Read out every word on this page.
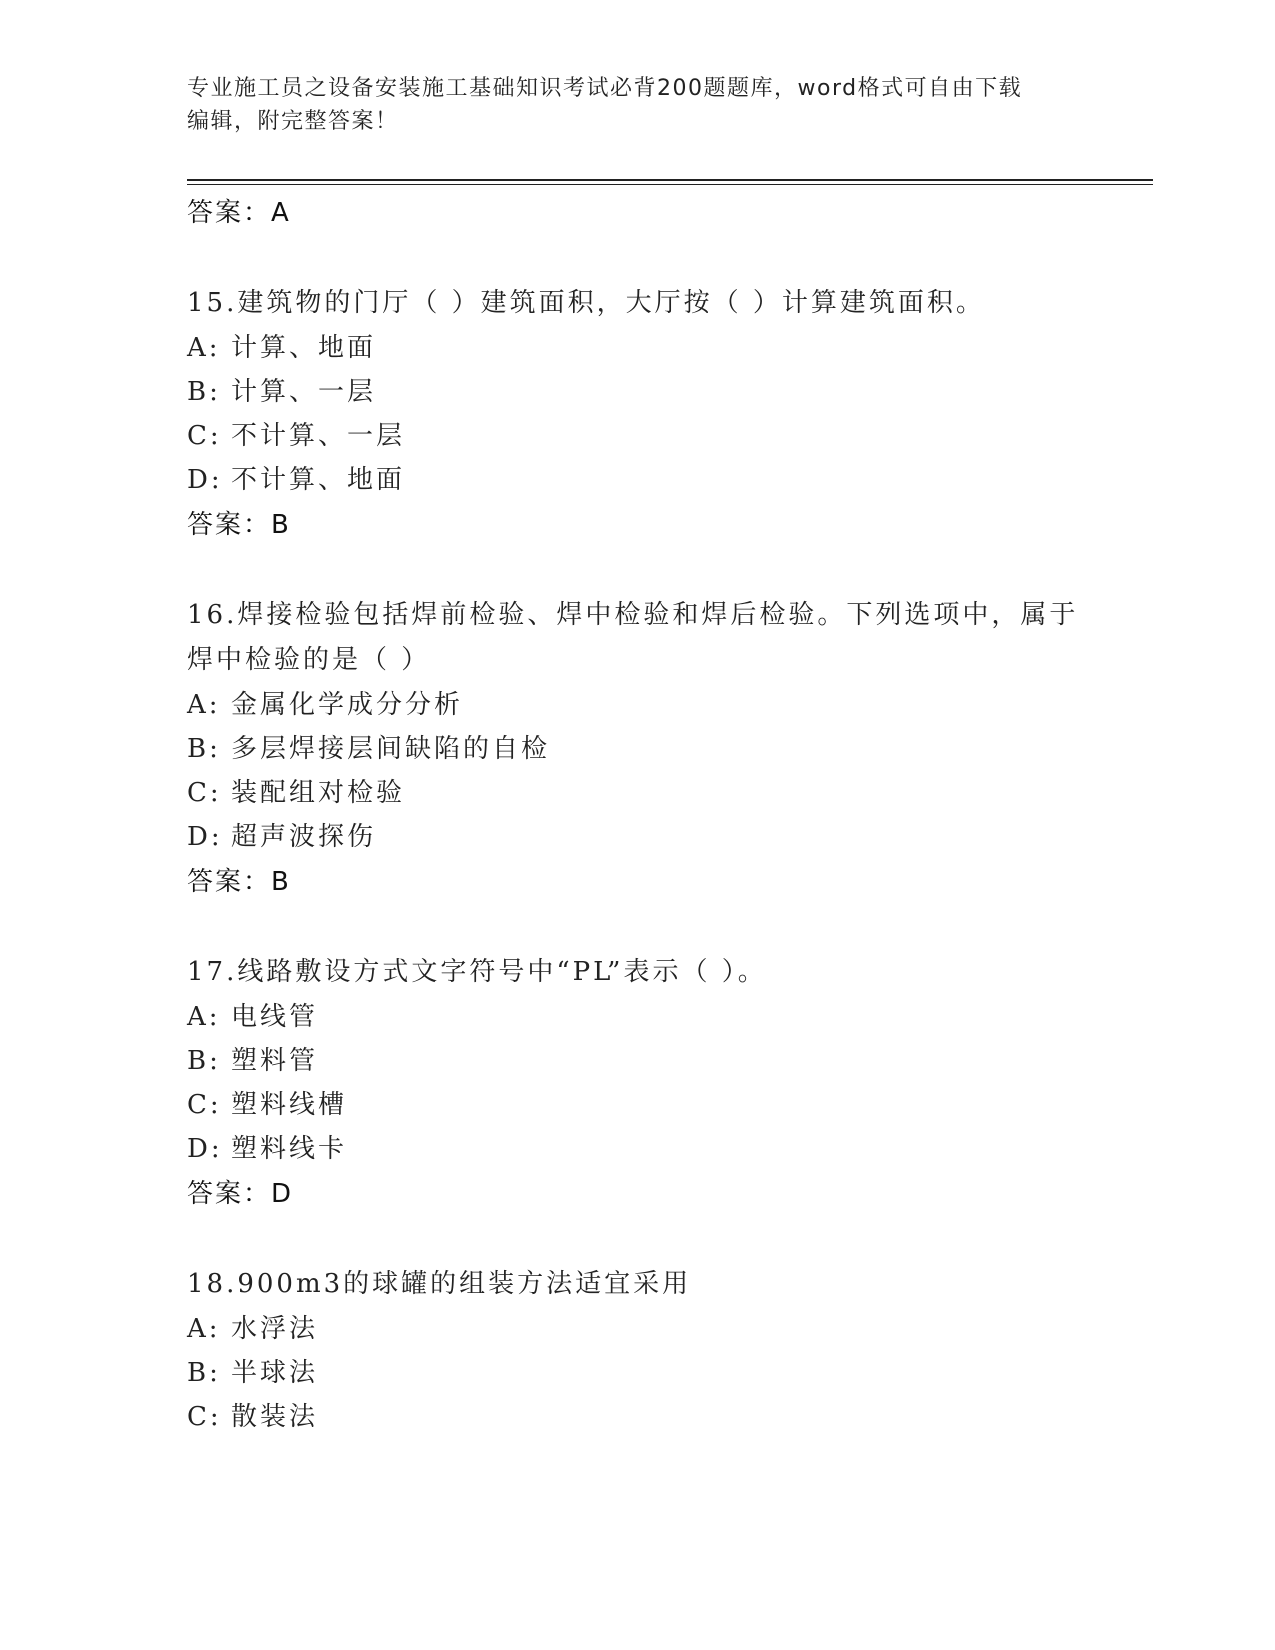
专业施工员之设备安装施工基础知识考试必背200题题库，word格式可自由下载
编辑，附完整答案！
答案：A
15.建筑物的门厅（ ）建筑面积，大厅按（ ）计算建筑面积。
A: 计算、地面
B: 计算、一层
C: 不计算、一层
D: 不计算、地面
答案：B
16.焊接检验包括焊前检验、焊中检验和焊后检验。下列选项中，属于
焊中检验的是（ ）
A: 金属化学成分分析
B: 多层焊接层间缺陷的自检
C: 装配组对检验
D: 超声波探伤
答案：B
17.线路敷设方式文字符号中“PL”表示（ ）。
A: 电线管
B: 塑料管
C: 塑料线槽
D: 塑料线卡
答案：D
18.900m3的球罐的组装方法适宜采用
A: 水浮法
B: 半球法
C: 散装法
